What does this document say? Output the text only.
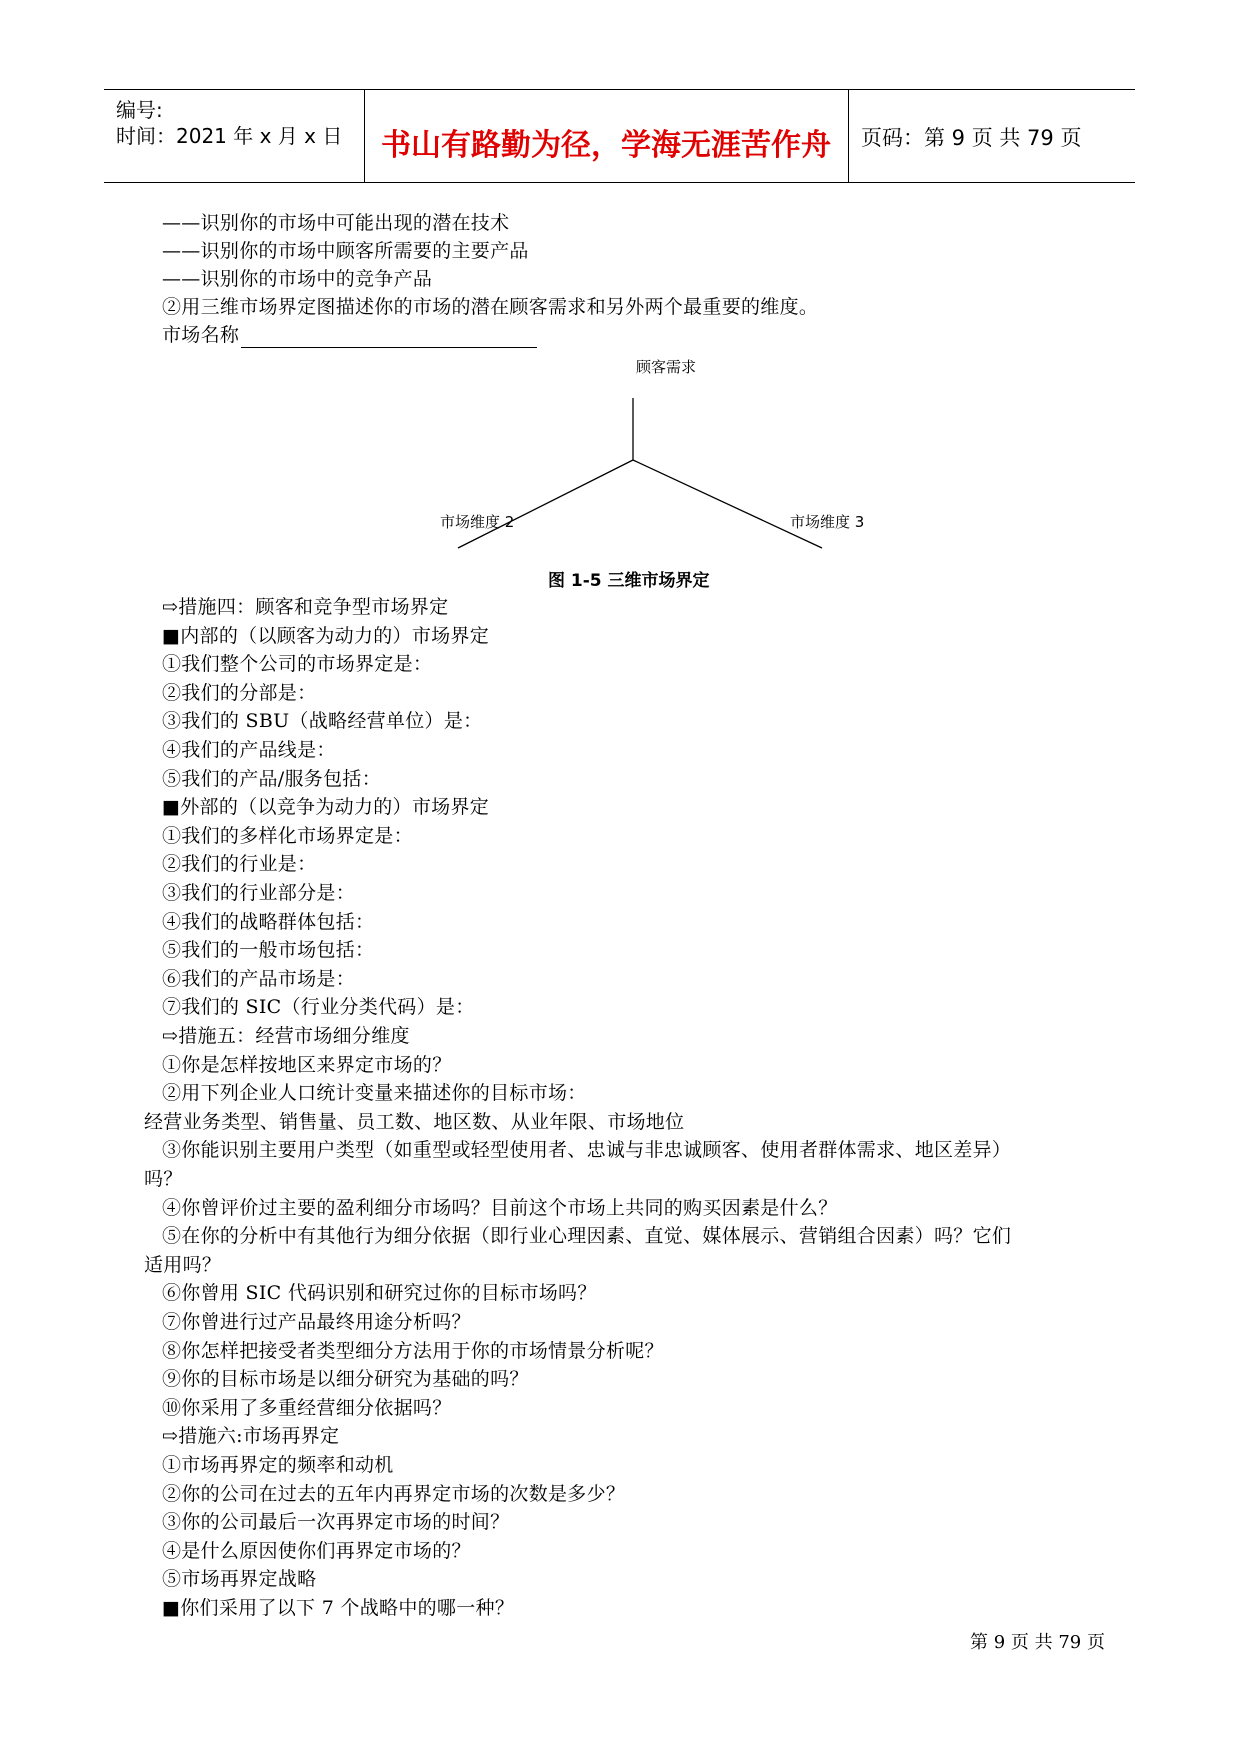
编号:
时间：2021 年 x 月 x 日	书山有路勤为径，学海无涯苦作舟	页码：第 9 页 共 79 页
——识别你的市场中可能出现的潜在技术
——识别你的市场中顾客所需要的主要产品
——识别你的市场中的竞争产品
②用三维市场界定图描述你的市场的潜在顾客需求和另外两个最重要的维度。
市场名称
顾客需求
市场维度 2	市场维度 3
图 1-5 三维市场界定
⇨措施四：顾客和竞争型市场界定
■内部的（以顾客为动力的）市场界定
①我们整个公司的市场界定是：
②我们的分部是：
③我们的 SBU（战略经营单位）是：
④我们的产品线是：
⑤我们的产品/服务包括：
■外部的（以竞争为动力的）市场界定
①我们的多样化市场界定是：
②我们的行业是：
③我们的行业部分是：
④我们的战略群体包括：
⑤我们的一般市场包括：
⑥我们的产品市场是：
⑦我们的 SIC（行业分类代码）是：
⇨措施五：经营市场细分维度
①你是怎样按地区来界定市场的？
②用下列企业人口统计变量来描述你的目标市场：
经营业务类型、销售量、员工数、地区数、从业年限、市场地位
③你能识别主要用户类型（如重型或轻型使用者、忠诚与非忠诚顾客、使用者群体需求、地区差异）
吗？
④你曾评价过主要的盈利细分市场吗？目前这个市场上共同的购买因素是什么？
⑤在你的分析中有其他行为细分依据（即行业心理因素、直觉、媒体展示、营销组合因素）吗？它们
适用吗？
⑥你曾用 SIC 代码识别和研究过你的目标市场吗？
⑦你曾进行过产品最终用途分析吗？
⑧你怎样把接受者类型细分方法用于你的市场情景分析呢？
⑨你的目标市场是以细分研究为基础的吗？
⑩你采用了多重经营细分依据吗？
⇨措施六:市场再界定
①市场再界定的频率和动机
②你的公司在过去的五年内再界定市场的次数是多少？
③你的公司最后一次再界定市场的时间？
④是什么原因使你们再界定市场的？
⑤市场再界定战略
■你们采用了以下 7 个战略中的哪一种？
第 9 页 共 79 页
